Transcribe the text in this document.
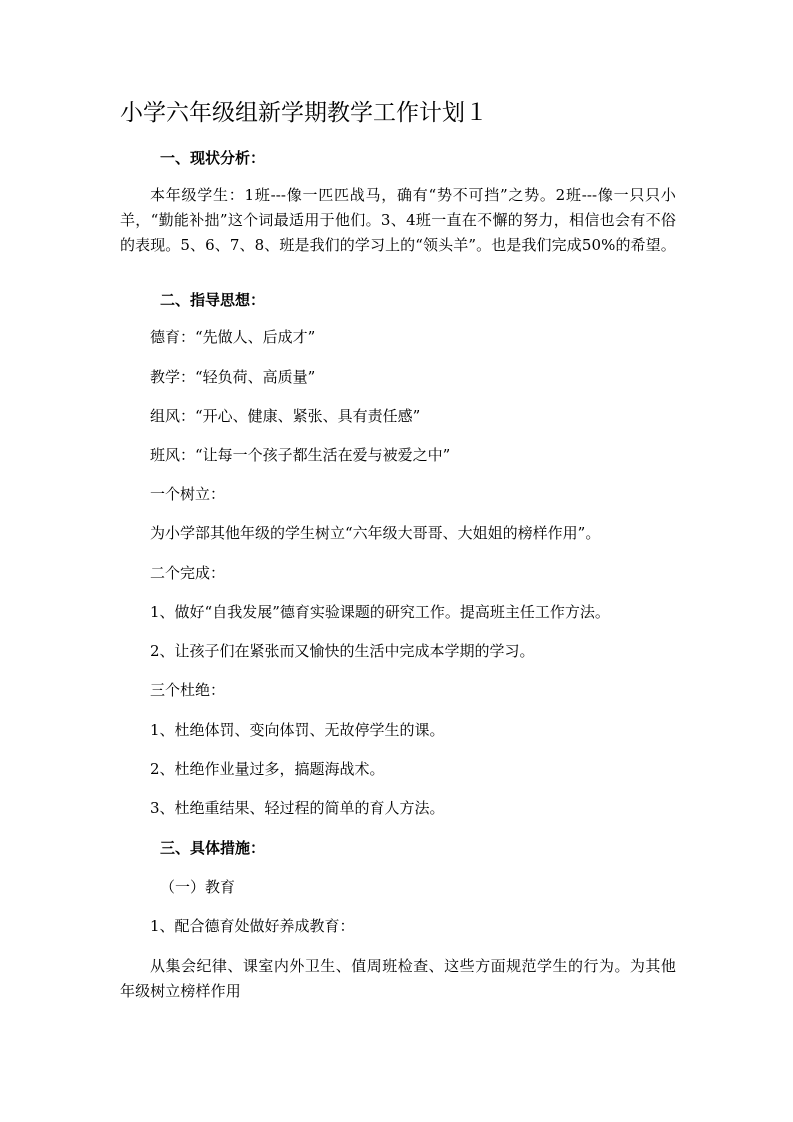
小学六年级组新学期教学工作计划１

一、现状分析：

本年级学生：1班---像一匹匹战马，确有“势不可挡”之势。2班---像一只只小羊，“勤能补拙”这个词最适用于他们。3、4班一直在不懈的努力，相信也会有不俗的表现。5、6、7、8、班是我们的学习上的“领头羊”。也是我们完成50%的希望。

二、指导思想：

德育：“先做人、后成才”

教学：“轻负荷、高质量”

组风：“开心、健康、紧张、具有责任感”

班风：“让每一个孩子都生活在爱与被爱之中”

一个树立：

为小学部其他年级的学生树立“六年级大哥哥、大姐姐的榜样作用”。

二个完成：

1、做好“自我发展”德育实验课题的研究工作。提高班主任工作方法。

2、让孩子们在紧张而又愉快的生活中完成本学期的学习。

三个杜绝：

1、杜绝体罚、变向体罚、无故停学生的课。

2、杜绝作业量过多，搞题海战术。

3、杜绝重结果、轻过程的简单的育人方法。

三、具体措施：

（一）教育

1、配合德育处做好养成教育：

从集会纪律、课室内外卫生、值周班检查、这些方面规范学生的行为。为其他年级树立榜样作用
